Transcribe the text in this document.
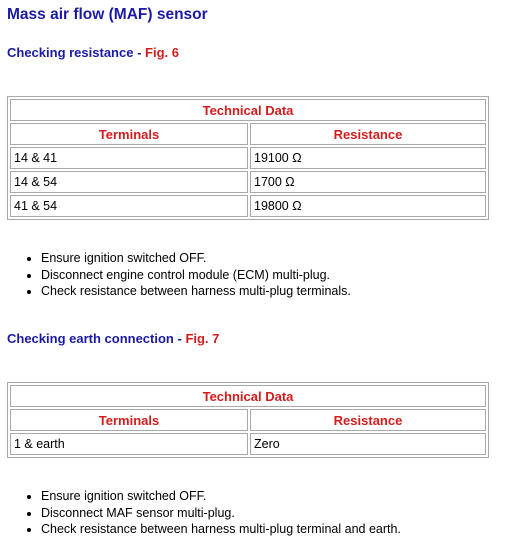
Mass air flow (MAF) sensor
Checking resistance - Fig. 6
Technical Data	
Terminals	Resistance
14 & 41	19100 Ω
14 & 54	1700 Ω
41 & 54	19800 Ω
• Ensure ignition switched OFF.
• Disconnect engine control module (ECM) multi-plug.
• Check resistance between harness multi-plug terminals.
Checking earth connection - Fig. 7
Technical Data	
Terminals	Resistance
1 & earth	Zero
• Ensure ignition switched OFF.
• Disconnect MAF sensor multi-plug.
• Check resistance between harness multi-plug terminal and earth.
